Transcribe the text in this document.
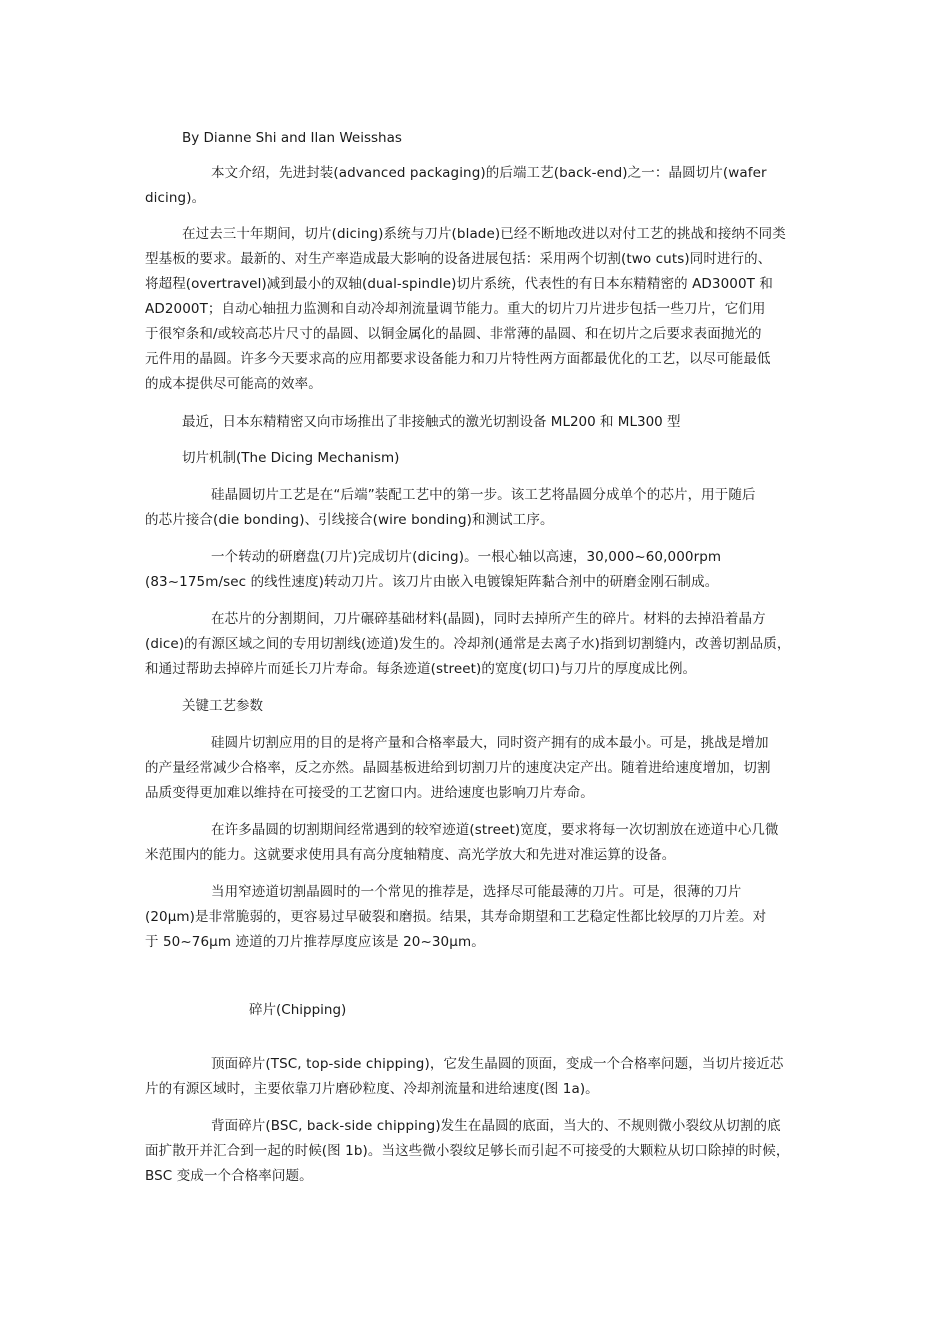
By Dianne Shi and Ilan Weisshas

本文介绍，先进封装(advanced packaging)的后端工艺(back-end)之一：晶圆切片(wafer
dicing)。

在过去三十年期间，切片(dicing)系统与刀片(blade)已经不断地改进以对付工艺的挑战和接纳不同类
型基板的要求。最新的、对生产率造成最大影响的设备进展包括：采用两个切割(two cuts)同时进行的、
将超程(overtravel)减到最小的双轴(dual-spindle)切片系统，代表性的有日本东精精密的 AD3000T 和
AD2000T；自动心轴扭力监测和自动冷却剂流量调节能力。重大的切片刀片进步包括一些刀片，它们用
于很窄条和/或较高芯片尺寸的晶圆、以铜金属化的晶圆、非常薄的晶圆、和在切片之后要求表面抛光的
元件用的晶圆。许多今天要求高的应用都要求设备能力和刀片特性两方面都最优化的工艺，以尽可能最低
的成本提供尽可能高的效率。

最近，日本东精精密又向市场推出了非接触式的激光切割设备 ML200 和 ML300 型

切片机制(The Dicing Mechanism)

硅晶圆切片工艺是在“后端”装配工艺中的第一步。该工艺将晶圆分成单个的芯片，用于随后
的芯片接合(die bonding)、引线接合(wire bonding)和测试工序。

一个转动的研磨盘(刀片)完成切片(dicing)。一根心轴以高速，30,000~60,000rpm
(83~175m/sec 的线性速度)转动刀片。该刀片由嵌入电镀镍矩阵黏合剂中的研磨金刚石制成。

在芯片的分割期间，刀片碾碎基础材料(晶圆)，同时去掉所产生的碎片。材料的去掉沿着晶方
(dice)的有源区域之间的专用切割线(迹道)发生的。冷却剂(通常是去离子水)指到切割缝内，改善切割品质，
和通过帮助去掉碎片而延长刀片寿命。每条迹道(street)的宽度(切口)与刀片的厚度成比例。

关键工艺参数

硅圆片切割应用的目的是将产量和合格率最大，同时资产拥有的成本最小。可是，挑战是增加
的产量经常减少合格率，反之亦然。晶圆基板进给到切割刀片的速度决定产出。随着进给速度增加，切割
品质变得更加难以维持在可接受的工艺窗口内。进给速度也影响刀片寿命。

在许多晶圆的切割期间经常遇到的较窄迹道(street)宽度，要求将每一次切割放在迹道中心几微
米范围内的能力。这就要求使用具有高分度轴精度、高光学放大和先进对准运算的设备。

当用窄迹道切割晶圆时的一个常见的推荐是，选择尽可能最薄的刀片。可是，很薄的刀片
(20μm)是非常脆弱的，更容易过早破裂和磨损。结果，其寿命期望和工艺稳定性都比较厚的刀片差。对
于 50~76μm 迹道的刀片推荐厚度应该是 20~30μm。

碎片(Chipping)

顶面碎片(TSC, top-side chipping)，它发生晶圆的顶面，变成一个合格率问题，当切片接近芯
片的有源区域时，主要依靠刀片磨砂粒度、冷却剂流量和进给速度(图 1a)。

背面碎片(BSC, back-side chipping)发生在晶圆的底面，当大的、不规则微小裂纹从切割的底
面扩散开并汇合到一起的时候(图 1b)。当这些微小裂纹足够长而引起不可接受的大颗粒从切口除掉的时候，
BSC 变成一个合格率问题。
